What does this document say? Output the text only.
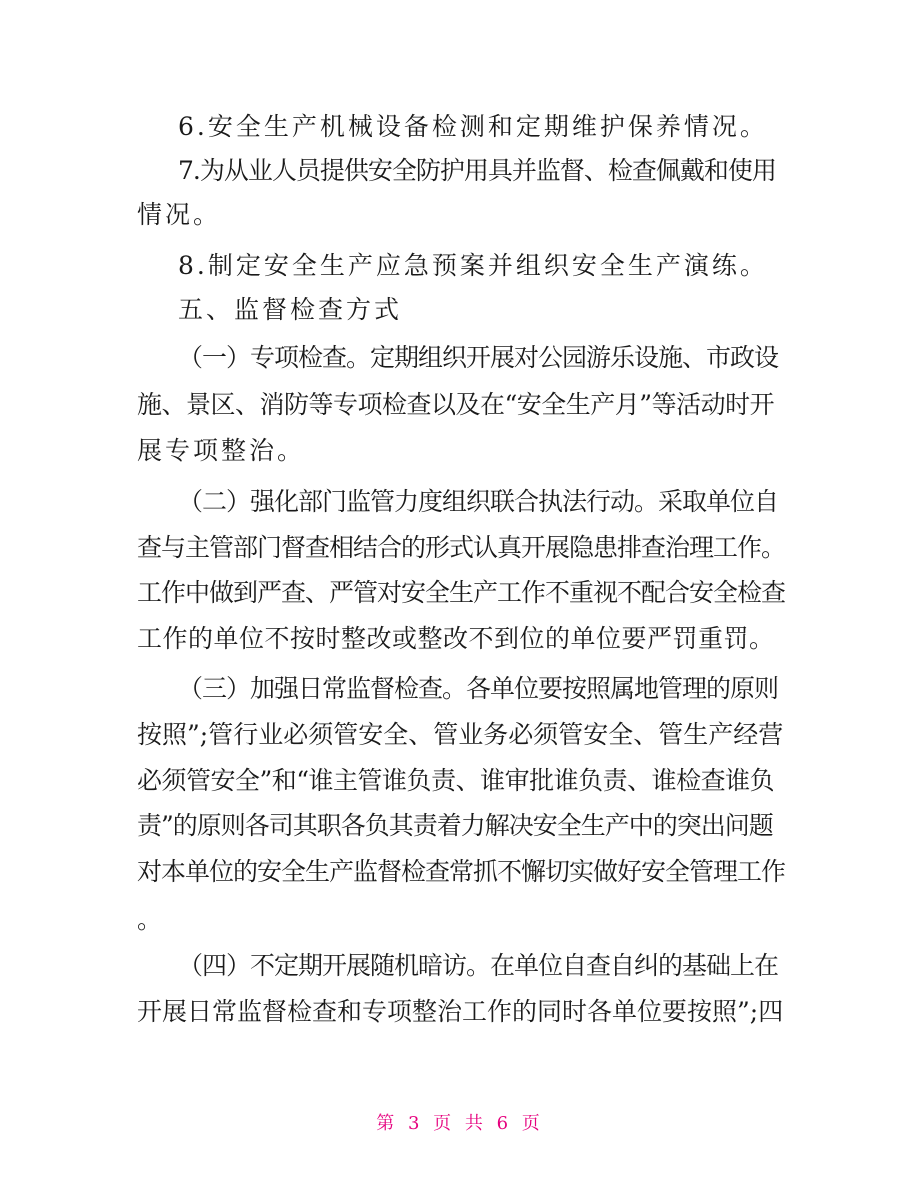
6.安全生产机械设备检测和定期维护保养情况。
7.为从业人员提供安全防护用具并监督、检查佩戴和使用
情况。
8.制定安全生产应急预案并组织安全生产演练。
五、监督检查方式
（一）专项检查。定期组织开展对公园游乐设施、市政设
施、景区、消防等专项检查以及在“安全生产月”等活动时开
展专项整治。
（二）强化部门监管力度组织联合执法行动。采取单位自
查与主管部门督查相结合的形式认真开展隐患排查治理工作。
工作中做到严查、严管对安全生产工作不重视不配合安全检查
工作的单位不按时整改或整改不到位的单位要严罚重罚。
（三）加强日常监督检查。各单位要按照属地管理的原则
按照”;管行业必须管安全、管业务必须管安全、管生产经营
必须管安全”和“谁主管谁负责、谁审批谁负责、谁检查谁负
责”的原则各司其职各负其责着力解决安全生产中的突出问题
对本单位的安全生产监督检查常抓不懈切实做好安全管理工作
。
（四）不定期开展随机暗访。在单位自查自纠的基础上在
开展日常监督检查和专项整治工作的同时各单位要按照”;四
第 3 页 共 6 页
